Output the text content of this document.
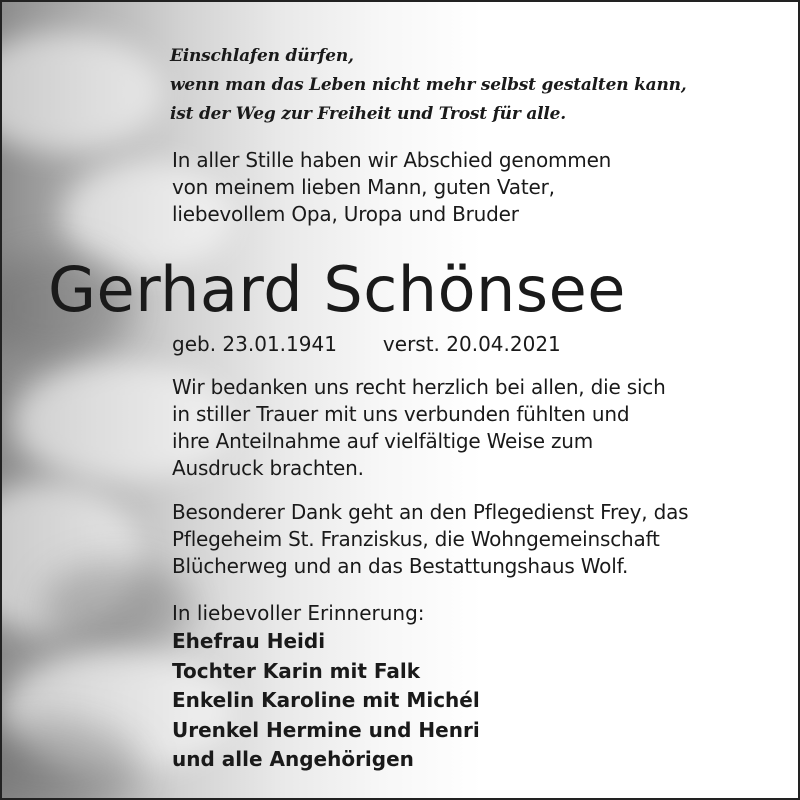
Einschlafen dürfen,
wenn man das Leben nicht mehr selbst gestalten kann,
ist der Weg zur Freiheit und Trost für alle.
In aller Stille haben wir Abschied genommen
von meinem lieben Mann, guten Vater,
liebevollem Opa, Uropa und Bruder
Gerhard Schönsee
geb. 23.01.1941 verst. 20.04.2021
Wir bedanken uns recht herzlich bei allen, die sich
in stiller Trauer mit uns verbunden fühlten und
ihre Anteilnahme auf vielfältige Weise zum
Ausdruck brachten.
Besonderer Dank geht an den Pflegedienst Frey, das
Pflegeheim St. Franziskus, die Wohngemeinschaft
Blücherweg und an das Bestattungshaus Wolf.
In liebevoller Erinnerung:
Ehefrau Heidi
Tochter Karin mit Falk
Enkelin Karoline mit Michél
Urenkel Hermine und Henri
und alle Angehörigen
